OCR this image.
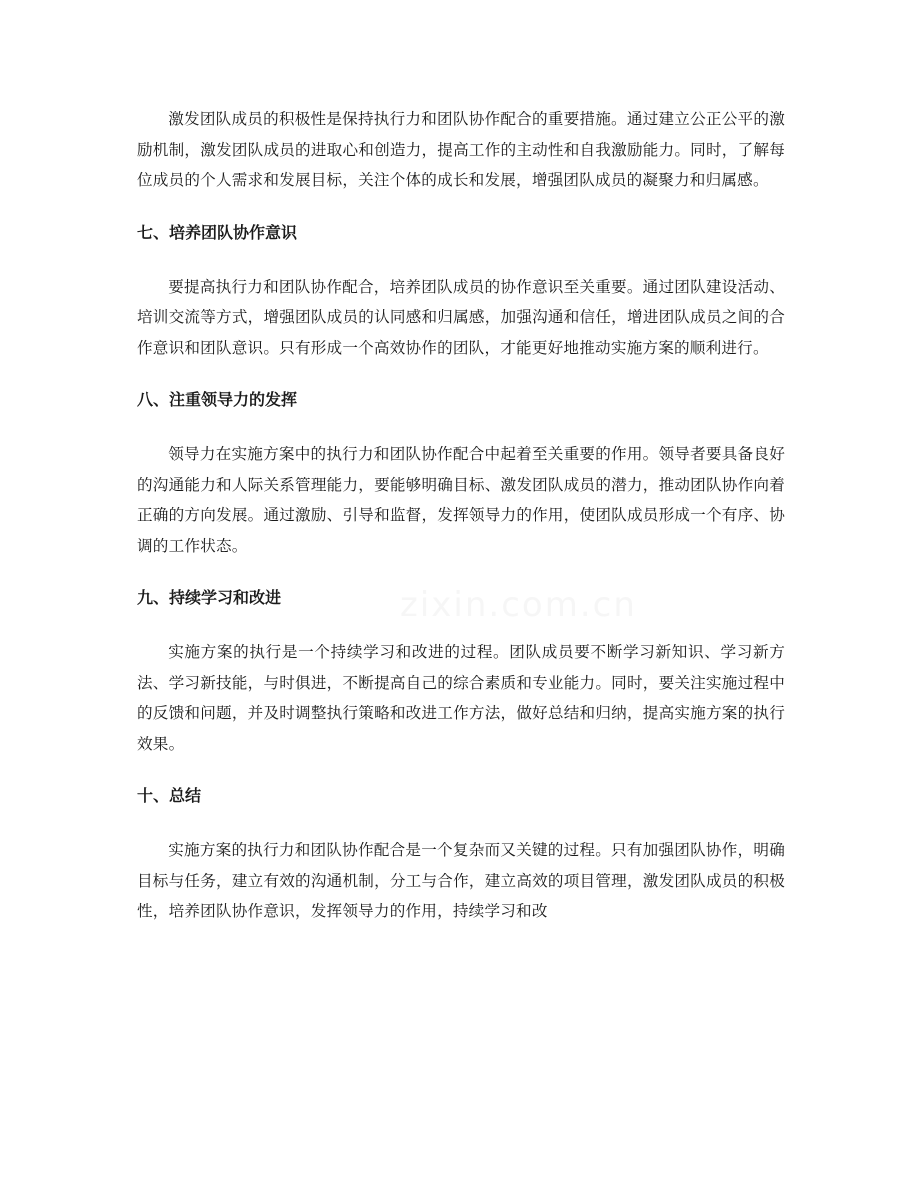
激发团队成员的积极性是保持执行力和团队协作配合的重要措施。通过建立公正公平的激励机制，激发团队成员的进取心和创造力，提高工作的主动性和自我激励能力。同时，了解每位成员的个人需求和发展目标，关注个体的成长和发展，增强团队成员的凝聚力和归属感。

七、培养团队协作意识

要提高执行力和团队协作配合，培养团队成员的协作意识至关重要。通过团队建设活动、培训交流等方式，增强团队成员的认同感和归属感，加强沟通和信任，增进团队成员之间的合作意识和团队意识。只有形成一个高效协作的团队，才能更好地推动实施方案的顺利进行。

八、注重领导力的发挥

领导力在实施方案中的执行力和团队协作配合中起着至关重要的作用。领导者要具备良好的沟通能力和人际关系管理能力，要能够明确目标、激发团队成员的潜力，推动团队协作向着正确的方向发展。通过激励、引导和监督，发挥领导力的作用，使团队成员形成一个有序、协调的工作状态。

九、持续学习和改进

实施方案的执行是一个持续学习和改进的过程。团队成员要不断学习新知识、学习新方法、学习新技能，与时俱进，不断提高自己的综合素质和专业能力。同时，要关注实施过程中的反馈和问题，并及时调整执行策略和改进工作方法，做好总结和归纳，提高实施方案的执行效果。

十、总结

实施方案的执行力和团队协作配合是一个复杂而又关键的过程。只有加强团队协作，明确目标与任务，建立有效的沟通机制，分工与合作，建立高效的项目管理，激发团队成员的积极性，培养团队协作意识，发挥领导力的作用，持续学习和改

zixin.com.cn
